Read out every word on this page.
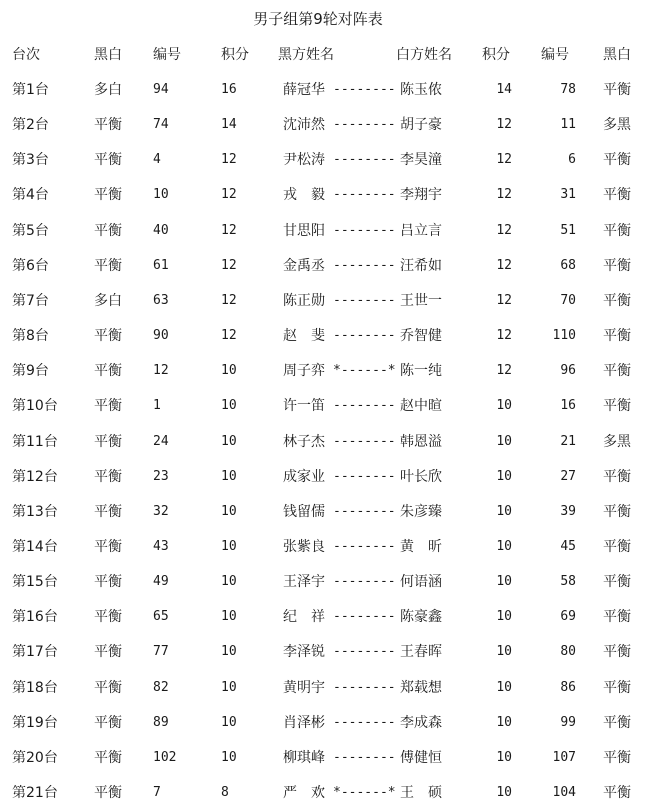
男子组第9轮对阵表
台次	黑白 编号	积分 黑方姓名	白方姓名 积分 编号 黑白
第1台	多白 94	16	薛冠华 -------- 陈玉侬	14	78 平衡
第2台	平衡 74	14	沈沛然 -------- 胡子豪	12	11 多黑
第3台	平衡 4	12	尹松涛 -------- 李昊潼	12	6 平衡
第4台	平衡 10	12	戎　毅 -------- 李翔宇	12	31 平衡
第5台	平衡 40	12	甘思阳 -------- 吕立言	12	51 平衡
第6台	平衡 61	12	金禹丞 -------- 汪希如	12	68 平衡
第7台	多白 63	12	陈正勋 -------- 王世一	12	70 平衡
第8台	平衡 90	12	赵　斐 -------- 乔智健	12	110 平衡
第9台	平衡 12	10	周子弈 *------* 陈一纯	12	96 平衡
第10台	平衡 1	10	许一笛 -------- 赵中暄	10	16 平衡
第11台	平衡 24	10	林子杰 -------- 韩恩溢	10	21 多黑
第12台	平衡 23	10	成家业 -------- 叶长欣	10	27 平衡
第13台	平衡 32	10	钱留儒 -------- 朱彦臻	10	39 平衡
第14台	平衡 43	10	张紫良 -------- 黄　昕	10	45 平衡
第15台	平衡 49	10	王泽宇 -------- 何语涵	10	58 平衡
第16台	平衡 65	10	纪　祥 -------- 陈豪鑫	10	69 平衡
第17台	平衡 77	10	李泽锐 -------- 王春晖	10	80 平衡
第18台	平衡 82	10	黄明宇 -------- 郑载想	10	86 平衡
第19台	平衡 89	10	肖泽彬 -------- 李成森	10	99 平衡
第20台	平衡 102	10	柳琪峰 -------- 傅健恒	10	107 平衡
第21台	平衡 7	8	严　欢 *------* 王　硕	10	104 平衡
